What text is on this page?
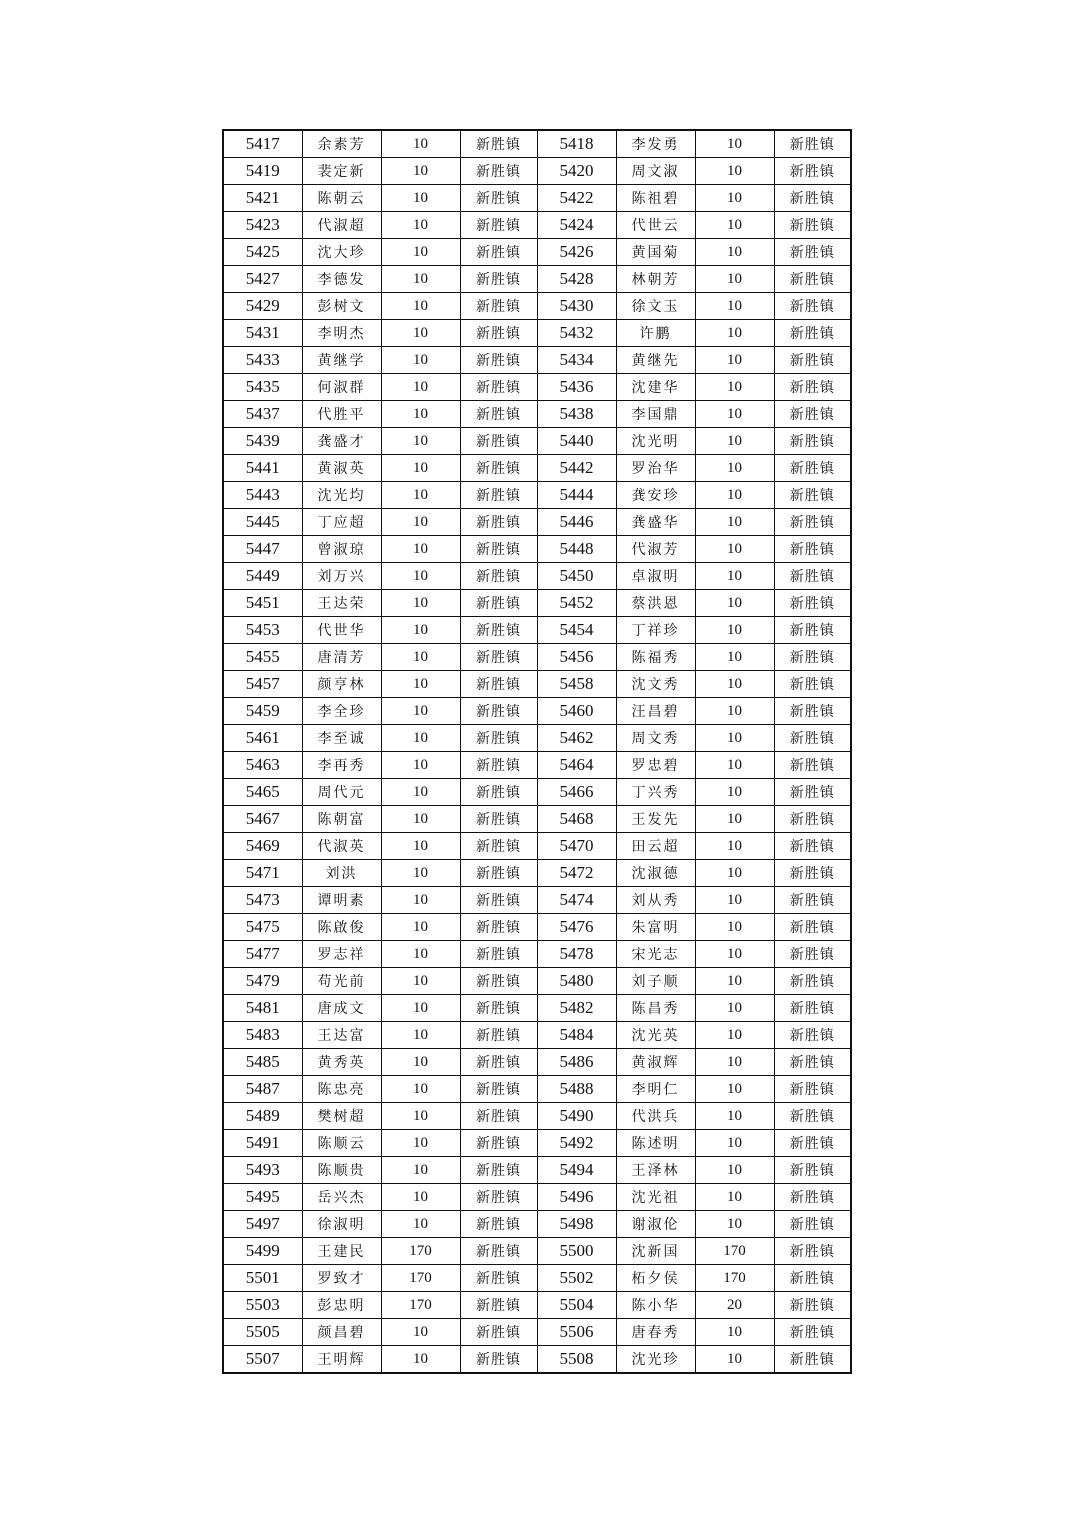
5417	余素芳	10	新胜镇	5418	李发勇	10	新胜镇
5419	裴定新	10	新胜镇	5420	周文淑	10	新胜镇
5421	陈朝云	10	新胜镇	5422	陈祖碧	10	新胜镇
5423	代淑超	10	新胜镇	5424	代世云	10	新胜镇
5425	沈大珍	10	新胜镇	5426	黄国菊	10	新胜镇
5427	李德发	10	新胜镇	5428	林朝芳	10	新胜镇
5429	彭树文	10	新胜镇	5430	徐文玉	10	新胜镇
5431	李明杰	10	新胜镇	5432	许鹏	10	新胜镇
5433	黄继学	10	新胜镇	5434	黄继先	10	新胜镇
5435	何淑群	10	新胜镇	5436	沈建华	10	新胜镇
5437	代胜平	10	新胜镇	5438	李国鼎	10	新胜镇
5439	龚盛才	10	新胜镇	5440	沈光明	10	新胜镇
5441	黄淑英	10	新胜镇	5442	罗治华	10	新胜镇
5443	沈光均	10	新胜镇	5444	龚安珍	10	新胜镇
5445	丁应超	10	新胜镇	5446	龚盛华	10	新胜镇
5447	曾淑琼	10	新胜镇	5448	代淑芳	10	新胜镇
5449	刘万兴	10	新胜镇	5450	卓淑明	10	新胜镇
5451	王达荣	10	新胜镇	5452	蔡洪恩	10	新胜镇
5453	代世华	10	新胜镇	5454	丁祥珍	10	新胜镇
5455	唐清芳	10	新胜镇	5456	陈福秀	10	新胜镇
5457	颜亨林	10	新胜镇	5458	沈文秀	10	新胜镇
5459	李全珍	10	新胜镇	5460	汪昌碧	10	新胜镇
5461	李至诚	10	新胜镇	5462	周文秀	10	新胜镇
5463	李再秀	10	新胜镇	5464	罗忠碧	10	新胜镇
5465	周代元	10	新胜镇	5466	丁兴秀	10	新胜镇
5467	陈朝富	10	新胜镇	5468	王发先	10	新胜镇
5469	代淑英	10	新胜镇	5470	田云超	10	新胜镇
5471	刘洪	10	新胜镇	5472	沈淑德	10	新胜镇
5473	谭明素	10	新胜镇	5474	刘从秀	10	新胜镇
5475	陈啟俊	10	新胜镇	5476	朱富明	10	新胜镇
5477	罗志祥	10	新胜镇	5478	宋光志	10	新胜镇
5479	苟光前	10	新胜镇	5480	刘子顺	10	新胜镇
5481	唐成文	10	新胜镇	5482	陈昌秀	10	新胜镇
5483	王达富	10	新胜镇	5484	沈光英	10	新胜镇
5485	黄秀英	10	新胜镇	5486	黄淑辉	10	新胜镇
5487	陈忠亮	10	新胜镇	5488	李明仁	10	新胜镇
5489	樊树超	10	新胜镇	5490	代洪兵	10	新胜镇
5491	陈顺云	10	新胜镇	5492	陈述明	10	新胜镇
5493	陈顺贵	10	新胜镇	5494	王泽林	10	新胜镇
5495	岳兴杰	10	新胜镇	5496	沈光祖	10	新胜镇
5497	徐淑明	10	新胜镇	5498	谢淑伦	10	新胜镇
5499	王建民	170	新胜镇	5500	沈新国	170	新胜镇
5501	罗致才	170	新胜镇	5502	柘夕侯	170	新胜镇
5503	彭忠明	170	新胜镇	5504	陈小华	20	新胜镇
5505	颜昌碧	10	新胜镇	5506	唐春秀	10	新胜镇
5507	王明辉	10	新胜镇	5508	沈光珍	10	新胜镇
